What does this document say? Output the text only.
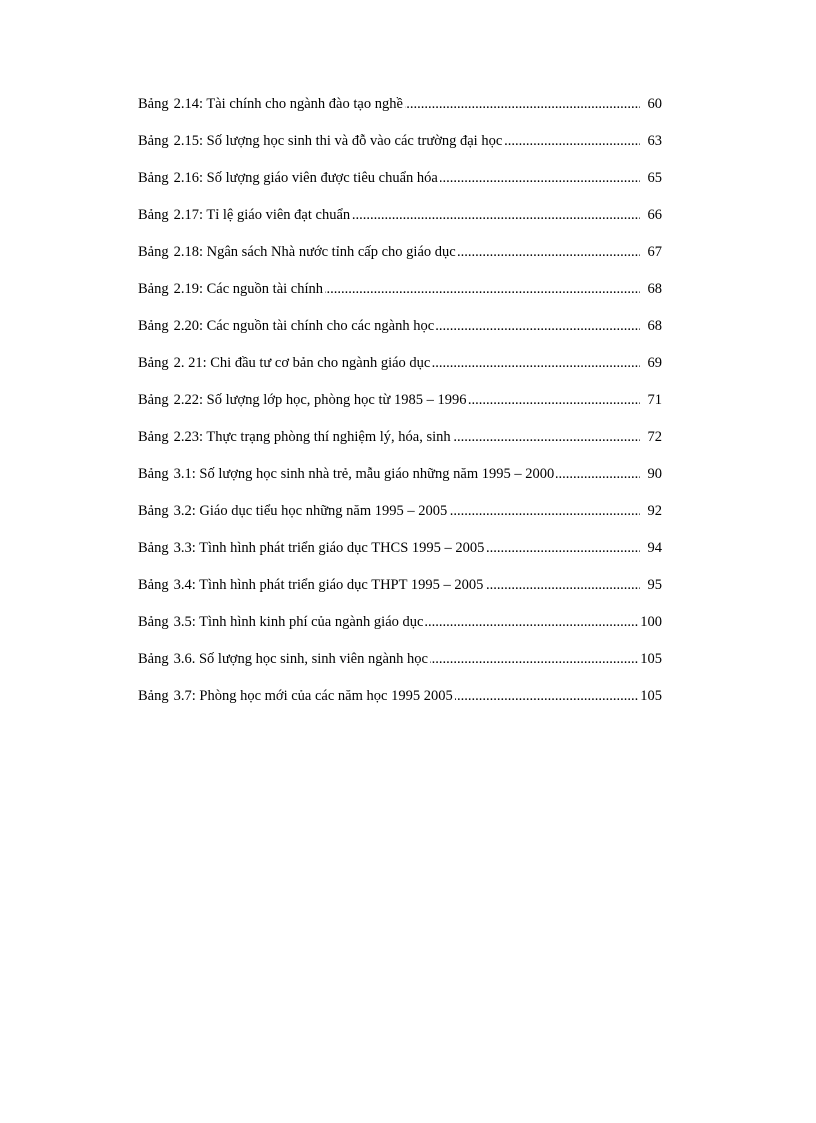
.....
Bảng 2.14: Tài chính cho ngành đào tạo nghề	60
.....
Bảng 2.15: Số lượng học sinh thi và đỗ vào các trường đại học	63
.....
Bảng 2.16: Số lượng giáo viên được tiêu chuẩn hóa	65
.....
Bảng 2.17: Tỉ lệ giáo viên đạt chuẩn	66
.....
Bảng 2.18: Ngân sách Nhà nước tỉnh cấp cho giáo dục	67
.....
Bảng 2.19: Các nguồn tài chính	68
.....
Bảng 2.20: Các nguồn tài chính cho các ngành học	68
.....
Bảng 2. 21: Chi đầu tư cơ bản cho ngành giáo dục	69
.....
Bảng 2.22: Số lượng lớp học, phòng học từ 1985 – 1996	71
.....
Bảng 2.23: Thực trạng phòng thí nghiệm lý, hóa, sinh	72
.....
Bảng 3.1: Số lượng học sinh nhà trẻ, mẫu giáo những năm 1995 – 2000	90
.....
Bảng 3.2: Giáo dục tiểu học những năm 1995 – 2005	92
.....
Bảng 3.3: Tình hình phát triển giáo dục THCS 1995 – 2005	94
.....
Bảng 3.4: Tình hình phát triển giáo dục THPT 1995 – 2005	95
.....
Bảng 3.5: Tình hình kinh phí của ngành giáo dục	100
.....
Bảng 3.6. Số lượng học sinh, sinh viên ngành học	105
.....
Bảng 3.7: Phòng học mới của các năm học 1995 2005	105
